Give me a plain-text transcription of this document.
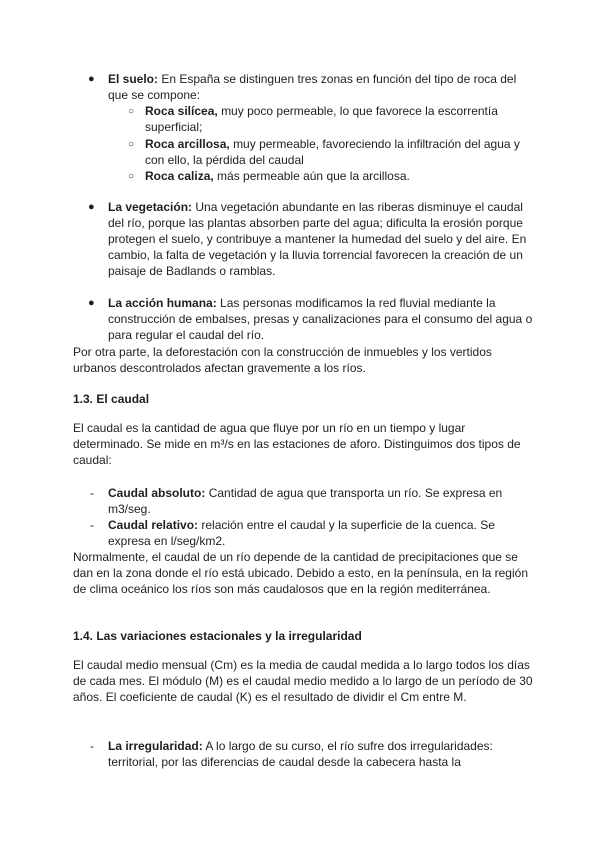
● El suelo: En España se distinguen tres zonas en función del tipo de roca del que se compone:
○ Roca silícea, muy poco permeable, lo que favorece la escorrentía superficial;
○ Roca arcillosa, muy permeable, favoreciendo la infiltración del agua y con ello, la pérdida del caudal
○ Roca caliza, más permeable aún que la arcillosa.
● La vegetación: Una vegetación abundante en las riberas disminuye el caudal del río, porque las plantas absorben parte del agua; dificulta la erosión porque protegen el suelo, y contribuye a mantener la humedad del suelo y del aire. En cambio, la falta de vegetación y la lluvia torrencial favorecen la creación de un paisaje de Badlands o ramblas.
● La acción humana: Las personas modificamos la red fluvial mediante la construcción de embalses, presas y canalizaciones para el consumo del agua o para regular el caudal del río.
Por otra parte, la deforestación con la construcción de inmuebles y los vertidos urbanos descontrolados afectan gravemente a los ríos.
1.3. El caudal
El caudal es la cantidad de agua que fluye por un río en un tiempo y lugar determinado. Se mide en m³/s en las estaciones de aforo. Distinguimos dos tipos de caudal:
- Caudal absoluto: Cantidad de agua que transporta un río. Se expresa en m3/seg.
- Caudal relativo: relación entre el caudal y la superficie de la cuenca. Se expresa en l/seg/km2.
Normalmente, el caudal de un río depende de la cantidad de precipitaciones que se dan en la zona donde el río está ubicado. Debido a esto, en la península, en la región de clima oceánico los ríos son más caudalosos que en la región mediterránea.
1.4. Las variaciones estacionales y la irregularidad
El caudal medio mensual (Cm) es la media de caudal medida a lo largo todos los días de cada mes. El módulo (M) es el caudal medio medido a lo largo de un período de 30 años. El coeficiente de caudal (K) es el resultado de dividir el Cm entre M.
- La irregularidad: A lo largo de su curso, el río sufre dos irregularidades: territorial, por las diferencias de caudal desde la cabecera hasta la
